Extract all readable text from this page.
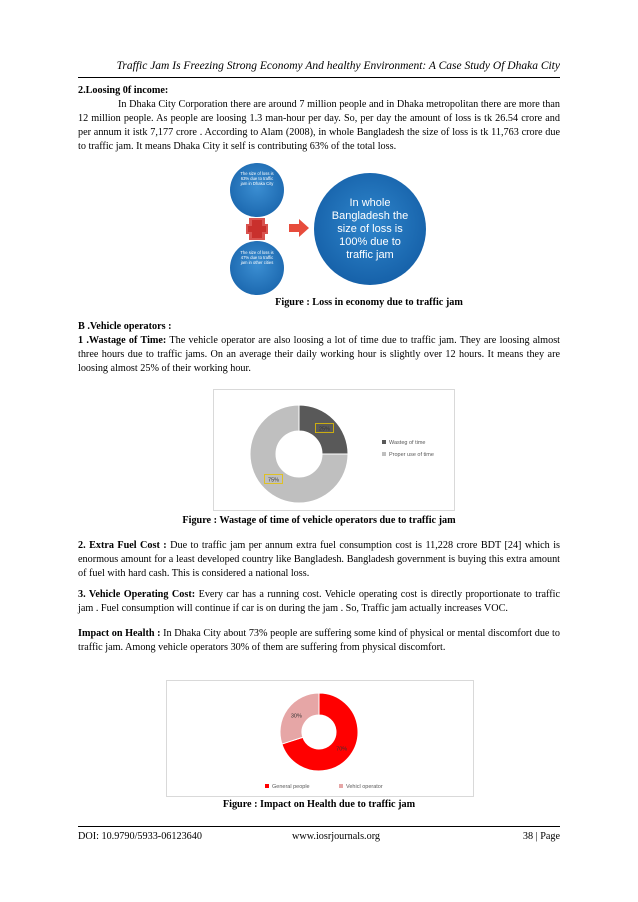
Traffic Jam Is Freezing Strong Economy And healthy Environment: A Case Study Of Dhaka City
2.Loosing 0f income:
In Dhaka City Corporation there are around 7 million people and in Dhaka metropolitan there are more than 12 million people. As people are loosing 1.3 man-hour per day. So, per day the amount of loss is tk 26.54 crore and per annum it istk 7,177 crore . According to Alam (2008), in whole Bangladesh the size of loss is tk 11,763 crore due to traffic jam. It means Dhaka City it self is contributing 63% of the total loss.
The size of loss is 63% due to traffic jam in Dhaka City
The size of loss is 47% due to traffic jam in other cities
In whole Bangladesh the size of loss is 100% due to traffic jam
Figure : Loss in economy due to traffic jam
B .Vehicle operators :
1 .Wastage of Time: The vehicle operator are also loosing a lot of time due to traffic jam. They are loosing almost three hours due to traffic jams. On an average their daily working hour is slightly over 12 hours. It means they are loosing almost 25% of their working hour.
25%
75%
Wasteg of time
Proper use of time
Figure : Wastage of time of vehicle operators due to traffic jam
2. Extra Fuel Cost : Due to traffic jam per annum extra fuel consumption cost is 11,228 crore BDT [24] which is enormous amount for a least developed country like Bangladesh. Bangladesh government is buying this extra amount of fuel with hard cash. This is considered a national loss.
3. Vehicle Operating Cost: Every car has a running cost. Vehicle operating cost is directly proportionate to traffic jam . Fuel consumption will continue if car is on during the jam . So, Traffic jam actually increases VOC.
Impact on Health : In Dhaka City about 73% people are suffering some kind of physical or mental discomfort due to traffic jam. Among vehicle operators 30% of them are suffering from physical discomfort.
70%
30%
General people	Vehicl operator
Figure : Impact on Health due to traffic jam
DOI: 10.9790/5933-06123640	www.iosrjournals.org	38 | Page
